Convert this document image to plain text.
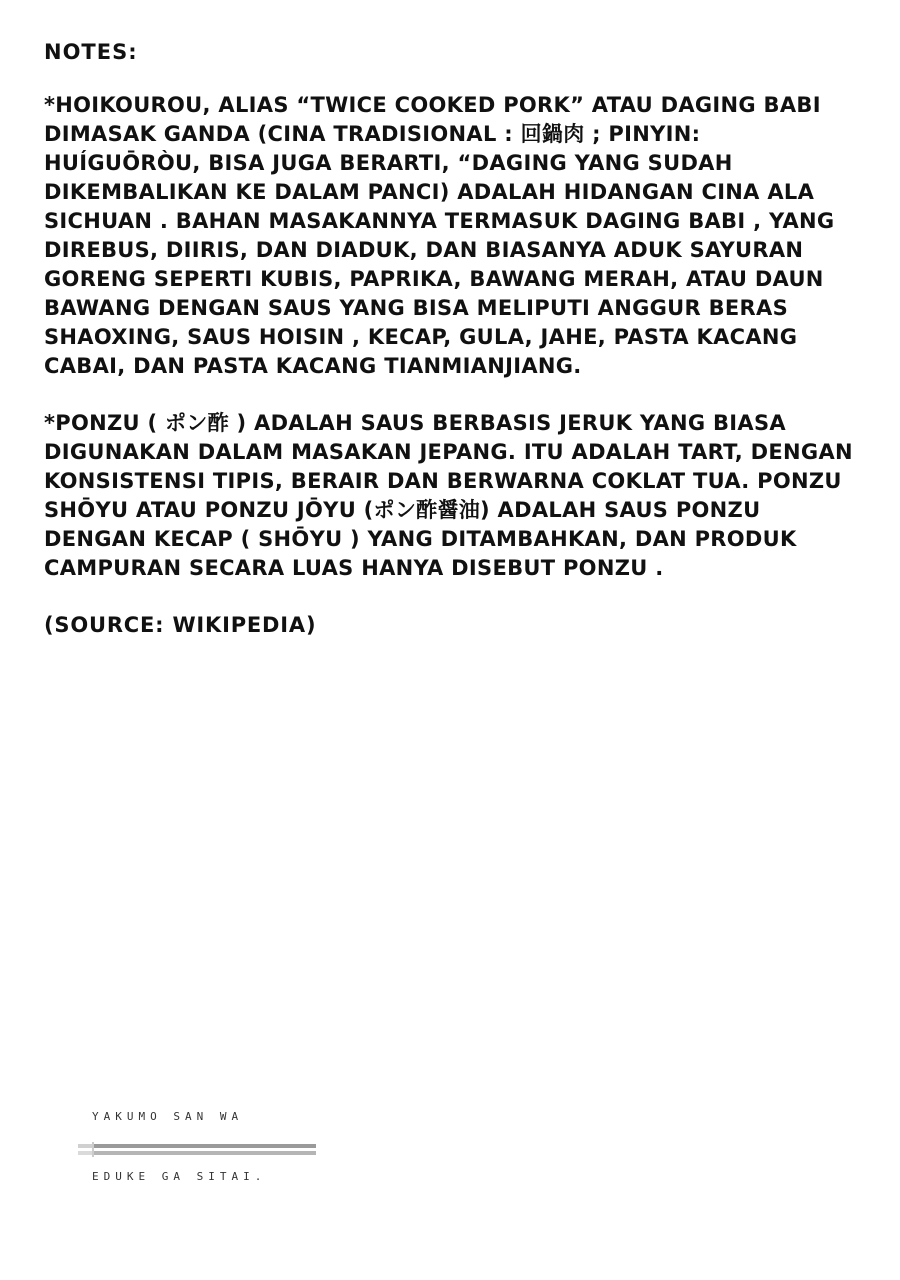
NOTES:

*HOIKOUROU, ALIAS “TWICE COOKED PORK” ATAU DAGING BABI DIMASAK GANDA (CINA TRADISIONAL : 回鍋肉 ; PINYIN: HUÍGUŌRÒU, BISA JUGA BERARTI, “DAGING YANG SUDAH DIKEMBALIKAN KE DALAM PANCI) ADALAH HIDANGAN CINA ALA SICHUAN . BAHAN MASAKANNYA TERMASUK DAGING BABI , YANG DIREBUS, DIIRIS, DAN DIADUK, DAN BIASANYA ADUK SAYURAN GORENG SEPERTI KUBIS, PAPRIKA, BAWANG MERAH, ATAU DAUN BAWANG DENGAN SAUS YANG BISA MELIPUTI ANGGUR BERAS SHAOXING, SAUS HOISIN , KECAP, GULA, JAHE, PASTA KACANG CABAI, DAN PASTA KACANG TIANMIANJIANG.

*PONZU ( ポン酢 ) ADALAH SAUS BERBASIS JERUK YANG BIASA DIGUNAKAN DALAM MASAKAN JEPANG. ITU ADALAH TART, DENGAN KONSISTENSI TIPIS, BERAIR DAN BERWARNA COKLAT TUA. PONZU SHŌYU ATAU PONZU JŌYU (ポン酢醤油) ADALAH SAUS PONZU DENGAN KECAP ( SHŌYU ) YANG DITAMBAHKAN, DAN PRODUK CAMPURAN SECARA LUAS HANYA DISEBUT PONZU .

(SOURCE: WIKIPEDIA)

YAKUMO SAN WA
EDUKE GA SITAI.
